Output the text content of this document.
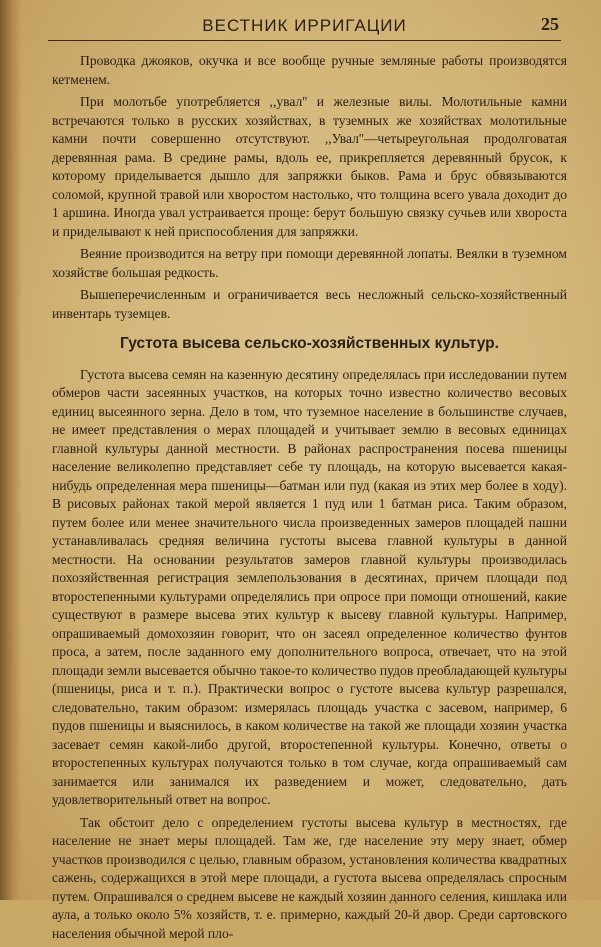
ВЕСТНИК ИРРИГАЦИИ	25

Проводка джояков, окучка и все вообще ручные земляные работы производятся кетменем.

При молотьбе употребляется ,,увал'' и железные вилы. Молотильные камни встречаются только в русских хозяйствах, в туземных же хозяйствах молотильные камни почти совершенно отсутствуют. ,,Увал''—четыреугольная продолговатая деревянная рама. В средине рамы, вдоль ее, прикрепляется деревянный брусок, к которому приделывается дышло для запряжки быков. Рама и брус обвязываются соломой, крупной травой или хворостом настолько, что толщина всего увала доходит до 1 аршина. Иногда увал устраивается проще: берут большую связку сучьев или хвороста и приделывают к ней приспособления для запряжки.

Веяние производится на ветру при помощи деревянной лопаты. Веялки в туземном хозяйстве большая редкость.

Вышеперечисленным и ограничивается весь несложный сельско-хозяйственный инвентарь туземцев.

Густота высева сельско-хозяйственных культур.

Густота высева семян на казенную десятину определялась при исследовании путем обмеров части засеянных участков, на которых точно известно количество весовых единиц высеянного зерна. Дело в том, что туземное население в большинстве случаев, не имеет представления о мерах площадей и учитывает землю в весовых единицах главной культуры данной местности. В районах распространения посева пшеницы население великолепно представляет себе ту площадь, на которую высевается какая-нибудь определенная мера пшеницы—батман или пуд (какая из этих мер более в ходу). В рисовых районах такой мерой является 1 пуд или 1 батман риса. Таким образом, путем более или менее значительного числа произведенных замеров площадей пашни устанавливалась средняя величина густоты высева главной культуры в данной местности. На основании результатов замеров главной культуры производилась похозяйственная регистрация землепользования в десятинах, причем площади под второстепенными культурами определялись при опросе при помощи отношений, какие существуют в размере высева этих культур к высеву главной культуры. Например, опрашиваемый домохозяин говорит, что он засеял определенное количество фунтов проса, а затем, после заданного ему дополнительного вопроса, отвечает, что на этой площади земли высевается обычно такое-то количество пудов преобладающей культуры (пшеницы, риса и т. п.). Практически вопрос о густоте высева культур разрешался, следовательно, таким образом: измерялась площадь участка с засевом, например, 6 пудов пшеницы и выяснилось, в каком количестве на такой же площади хозяин участка засевает семян какой-либо другой, второстепенной культуры. Конечно, ответы о второстепенных культурах получаются только в том случае, когда опрашиваемый сам занимается или занимался их разведением и может, следовательно, дать удовлетворительный ответ на вопрос.

Так обстоит дело с определением густоты высева культур в местностях, где население не знает меры площадей. Там же, где население эту меру знает, обмер участков производился с целью, главным образом, установления количества квадратных сажень, содержащихся в этой мере площади, а густота высева определялась спросным путем. Опрашивался о среднем высеве не каждый хозяин данного селения, кишлака или аула, а только около 5% хозяйств, т. е. примерно, каждый 20-й двор. Среди сартовского населения обычной мерой пло-
